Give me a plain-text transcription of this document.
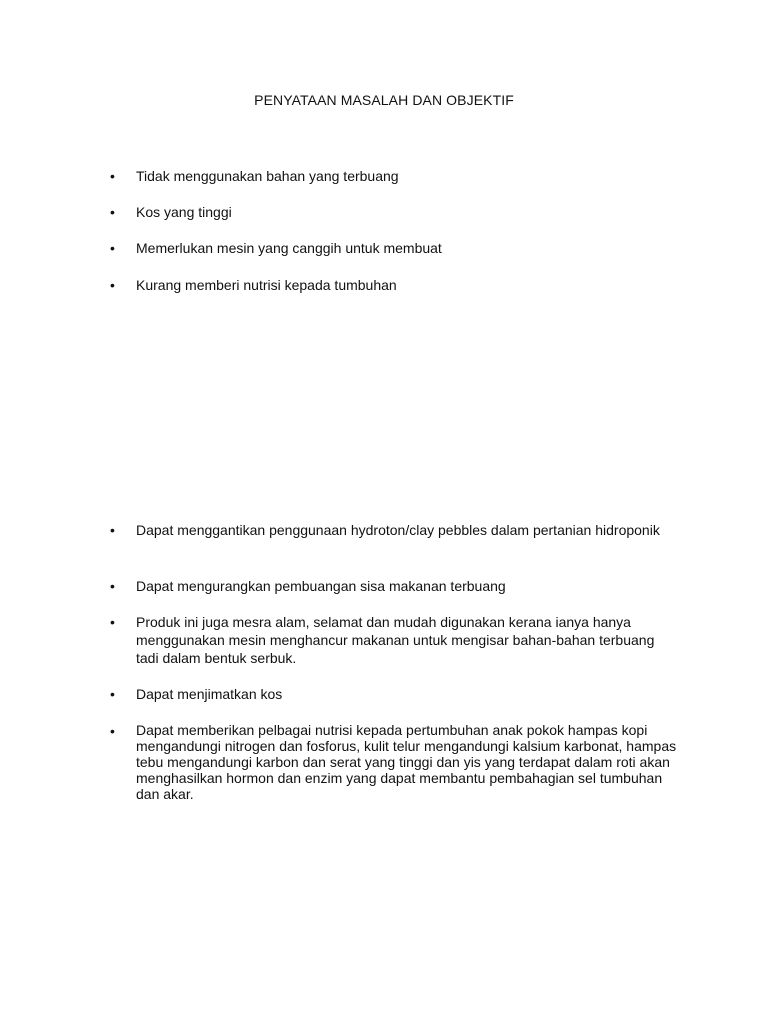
PENYATAAN MASALAH DAN OBJEKTIF
•	Tidak menggunakan bahan yang terbuang
•	Kos yang tinggi
•	Memerlukan mesin yang canggih untuk membuat
•	Kurang memberi nutrisi kepada tumbuhan
•	Dapat menggantikan penggunaan hydroton/clay pebbles dalam pertanian hidroponik
•	Dapat mengurangkan pembuangan sisa makanan terbuang
•	Produk ini juga mesra alam, selamat dan mudah digunakan kerana ianya hanya menggunakan mesin menghancur makanan untuk mengisar bahan-bahan terbuang tadi dalam bentuk serbuk.
•	Dapat menjimatkan kos
•	Dapat memberikan pelbagai nutrisi kepada pertumbuhan anak pokok hampas kopi mengandungi nitrogen dan fosforus, kulit telur mengandungi kalsium karbonat, hampas tebu mengandungi karbon dan serat yang tinggi dan yis yang terdapat dalam roti akan menghasilkan hormon dan enzim yang dapat membantu pembahagian sel tumbuhan dan akar.
